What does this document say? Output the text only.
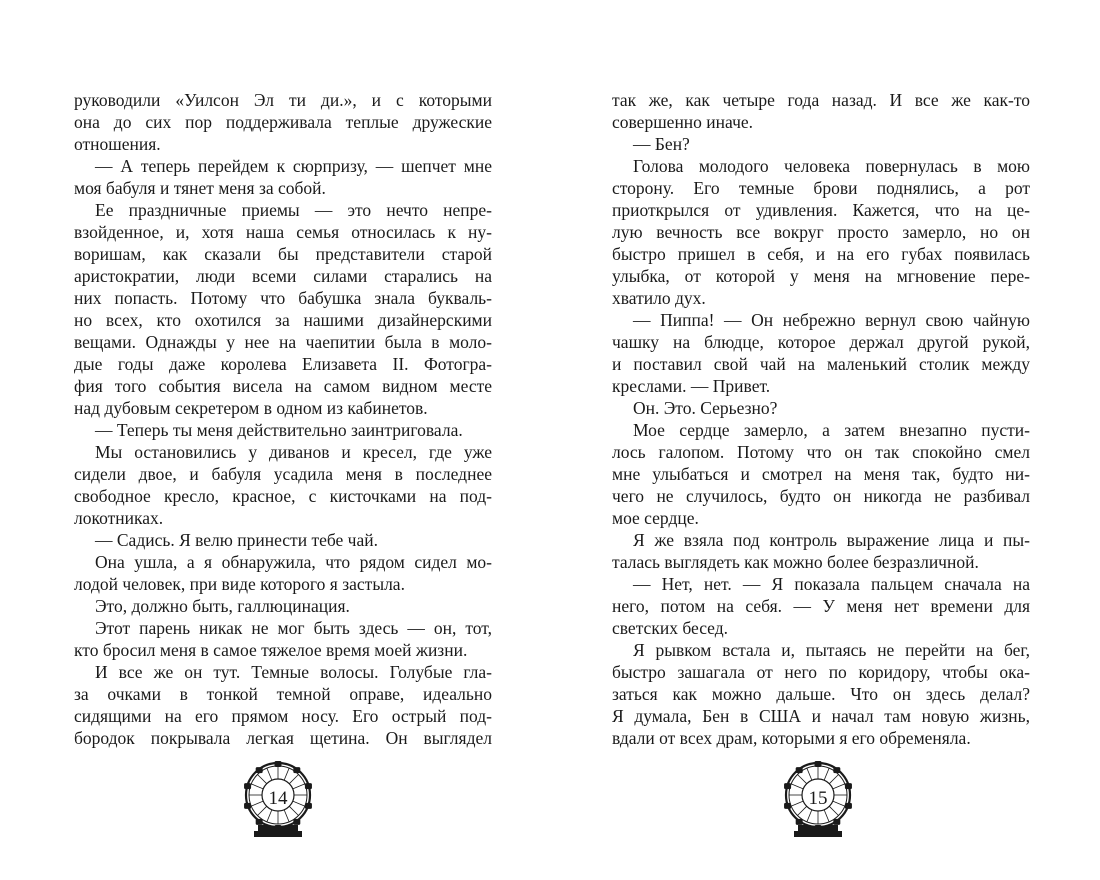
руководили «Уилсон Эл ти ди.», и с которыми
она до сих пор поддерживала теплые дружеские
отношения.
— А теперь перейдем к сюрпризу, — шепчет мне
моя бабуля и тянет меня за собой.
Ее праздничные приемы — это нечто непре-
взойденное, и, хотя наша семья относилась к ну-
воришам, как сказали бы представители старой
аристократии, люди всеми силами старались на
них попасть. Потому что бабушка знала букваль-
но всех, кто охотился за нашими дизайнерскими
вещами. Однажды у нее на чаепитии была в моло-
дые годы даже королева Елизавета II. Фотогра-
фия того события висела на самом видном месте
над дубовым секретером в одном из кабинетов.
— Теперь ты меня действительно заинтриговала.
Мы остановились у диванов и кресел, где уже
сидели двое, и бабуля усадила меня в последнее
свободное кресло, красное, с кисточками на под-
локотниках.
— Садись. Я велю принести тебе чай.
Она ушла, а я обнаружила, что рядом сидел мо-
лодой человек, при виде которого я застыла.
Это, должно быть, галлюцинация.
Этот парень никак не мог быть здесь — он, тот,
кто бросил меня в самое тяжелое время моей жизни.
И все же он тут. Темные волосы. Голубые гла-
за очками в тонкой темной оправе, идеально
сидящими на его прямом носу. Его острый под-
бородок покрывала легкая щетина. Он выглядел
так же, как четыре года назад. И все же как-то
совершенно иначе.
— Бен?
Голова молодого человека повернулась в мою
сторону. Его темные брови поднялись, а рот
приоткрылся от удивления. Кажется, что на це-
лую вечность все вокруг просто замерло, но он
быстро пришел в себя, и на его губах появилась
улыбка, от которой у меня на мгновение пере-
хватило дух.
— Пиппа! — Он небрежно вернул свою чайную
чашку на блюдце, которое держал другой рукой,
и поставил свой чай на маленький столик между
креслами. — Привет.
Он. Это. Серьезно?
Мое сердце замерло, а затем внезапно пусти-
лось галопом. Потому что он так спокойно смел
мне улыбаться и смотрел на меня так, будто ни-
чего не случилось, будто он никогда не разбивал
мое сердце.
Я же взяла под контроль выражение лица и пы-
талась выглядеть как можно более безразличной.
— Нет, нет. — Я показала пальцем сначала на
него, потом на себя. — У меня нет времени для
светских бесед.
Я рывком встала и, пытаясь не перейти на бег,
быстро зашагала от него по коридору, чтобы ока-
заться как можно дальше. Что он здесь делал?
Я думала, Бен в США и начал там новую жизнь,
вдали от всех драм, которыми я его обременяла.
14	15
